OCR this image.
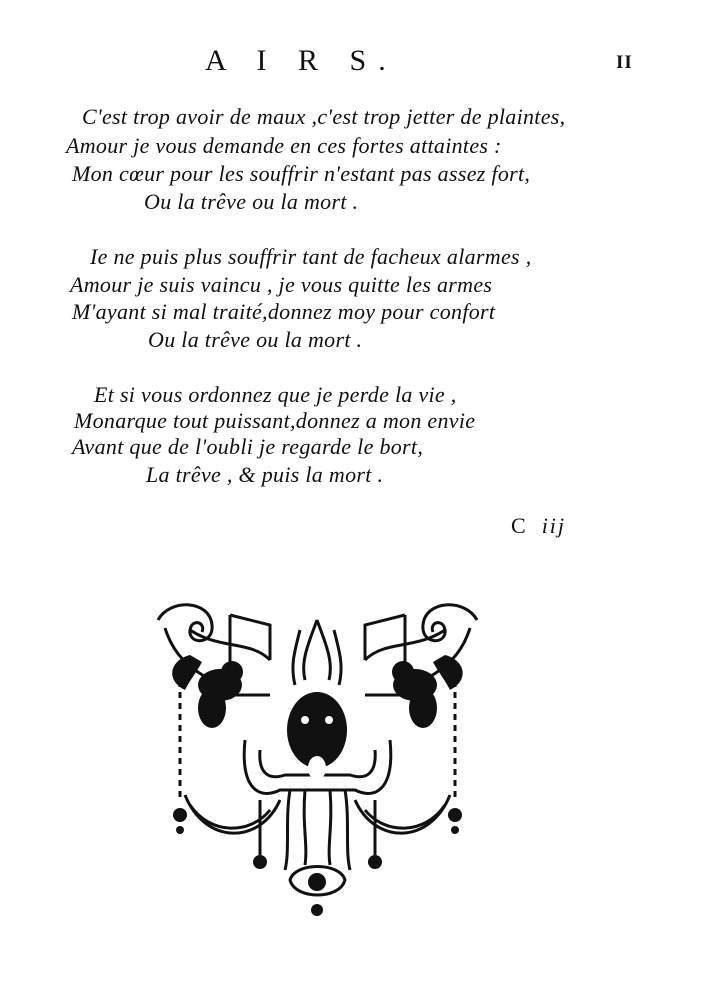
A I R S.	II
C'est trop avoir de maux ,c'est trop jetter de plaintes,
Amour je vous demande en ces fortes attaintes :
Mon cœur pour les souffrir n'estant pas assez fort,
Ou la trêve ou la mort .
Ie ne puis plus souffrir tant de facheux alarmes ,
Amour je suis vaincu , je vous quitte les armes
M'ayant si mal traité,donnez moy pour confort
Ou la trêve ou la mort .
Et si vous ordonnez que je perde la vie ,
Monarque tout puissant,donnez a mon envie
Avant que de l'oubli je regarde le bort,
La trêve , & puis la mort .
C iij
